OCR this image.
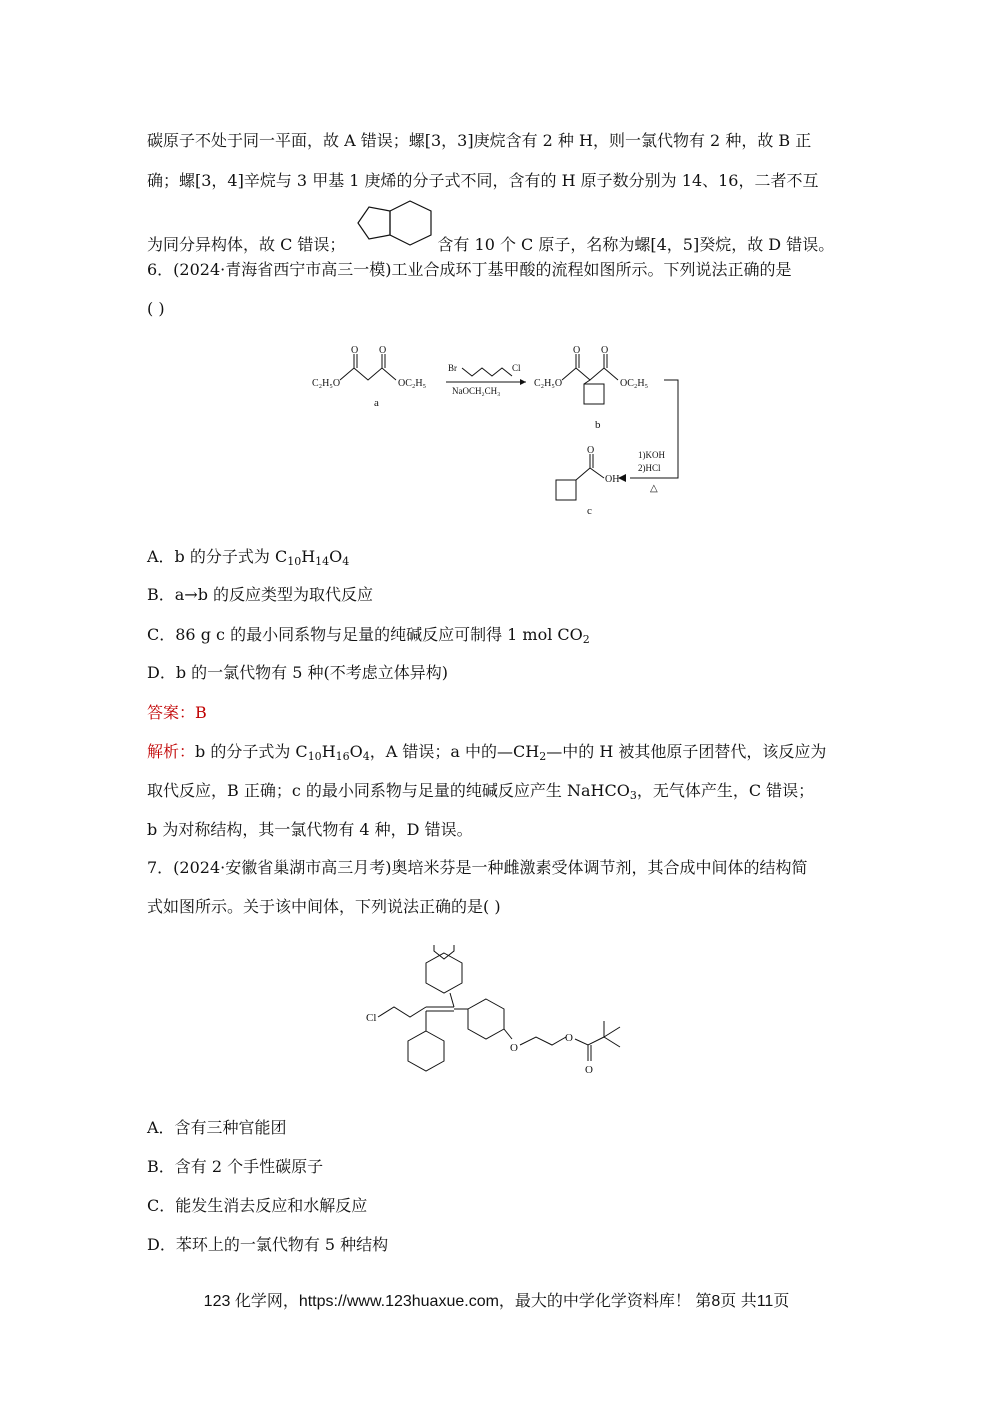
碳原子不处于同一平面，故 A 错误；螺[3，3]庚烷含有 2 种 H，则一氯代物有 2 种，故 B 正
确；螺[3，4]辛烷与 3 甲基 1 庚烯的分子式不同，含有的 H 原子数分别为 14、16，二者不互
为同分异构体，故 C 错误；	含有 10 个 C 原子，名称为螺[4，5]癸烷，故 D 错误。
6．(2024·青海省西宁市高三一模)工业合成环丁基甲酸的流程如图所示。下列说法正确的是
( )
O O
C₂H₅O	OC₂H₅
a
Br	Cl
NaOCH₂CH₃
C₂H₅O
O O
OC₂H₅
b
1)KOH
2)HCl
△
O
OH
c
A．b 的分子式为 $C_{10}H_{14}O_4$
B．a→b 的反应类型为取代反应
C．86 g c 的最小同系物与足量的纯碱反应可制得 1 mol $CO_2$
D．b 的一氯代物有 5 种(不考虑立体异构)
答案：B
解析：b 的分子式为 $C_{10}H_{16}O_4$，A 错误；a 中的$—CH_2—$中的 H 被其他原子团替代，该反应为
取代反应，B 正确；c 的最小同系物与足量的纯碱反应产生 NaHCO$_3$，无气体产生，C 错误；
b 为对称结构，其一氯代物有 4 种，D 错误。
7．(2024·安徽省巢湖市高三月考)奥培米芬是一种雌激素受体调节剂，其合成中间体的结构简
式如图所示。关于该中间体，下列说法正确的是( )
Cl
O
O
O
A．含有三种官能团
B．含有 2 个手性碳原子
C．能发生消去反应和水解反应
D．苯环上的一氯代物有 5 种结构
123 化学网，https://www.123huaxue.com，最大的中学化学资料库！ 第8页 共11页
